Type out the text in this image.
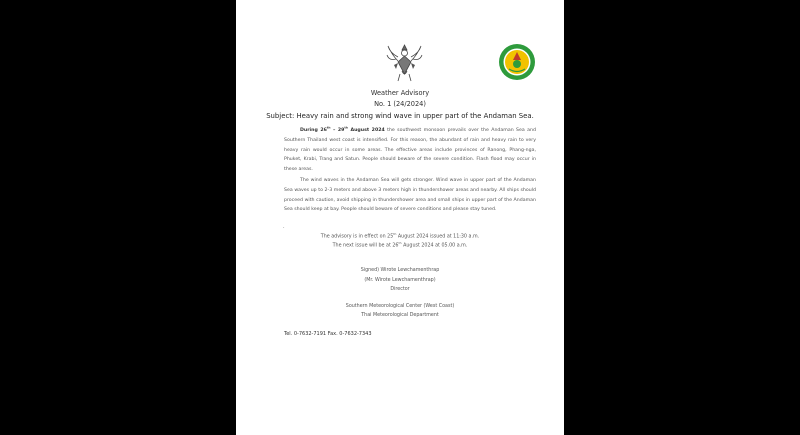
Weather Advisory
No. 1 (24/2024)
Subject: Heavy rain and strong wind wave in upper part of the Andaman Sea.
During 26th – 29th August 2024 the southwest monsoon prevails over the Andaman Sea and Southern Thailand west coast is intensified. For this reason, the abundant of rain and heavy rain to very heavy rain would occur in some areas. The effective areas include provinces of Ranong, Phang-nga, Phuket, Krabi, Trang and Satun. People should beware of the severe condition. Flash flood may occur in these areas.
The wind waves in the Andaman Sea will gets stronger. Wind wave in upper part of the Andaman Sea waves up to 2-3 meters and above 3 meters high in thundershower areas and nearby. All ships should proceed with caution, avoid shipping in thundershower area and small ships in upper part of the Andaman Sea should keep at bay. People should beware of severe conditions and please stay tuned.
.
The advisory is in effect on 25th August 2024 issued at 11:30 a.m.
The next issue will be at 26th August 2024 at 05.00 a.m.
Signed) Wirote Lewchamenthrap
(Mr. Wirote Lewchamenthrap)
Director
Southern Meteorological Center (West Coast)
Thai Meteorological Department
Tel. 0-7632-7191 Fax. 0-7632-7343
